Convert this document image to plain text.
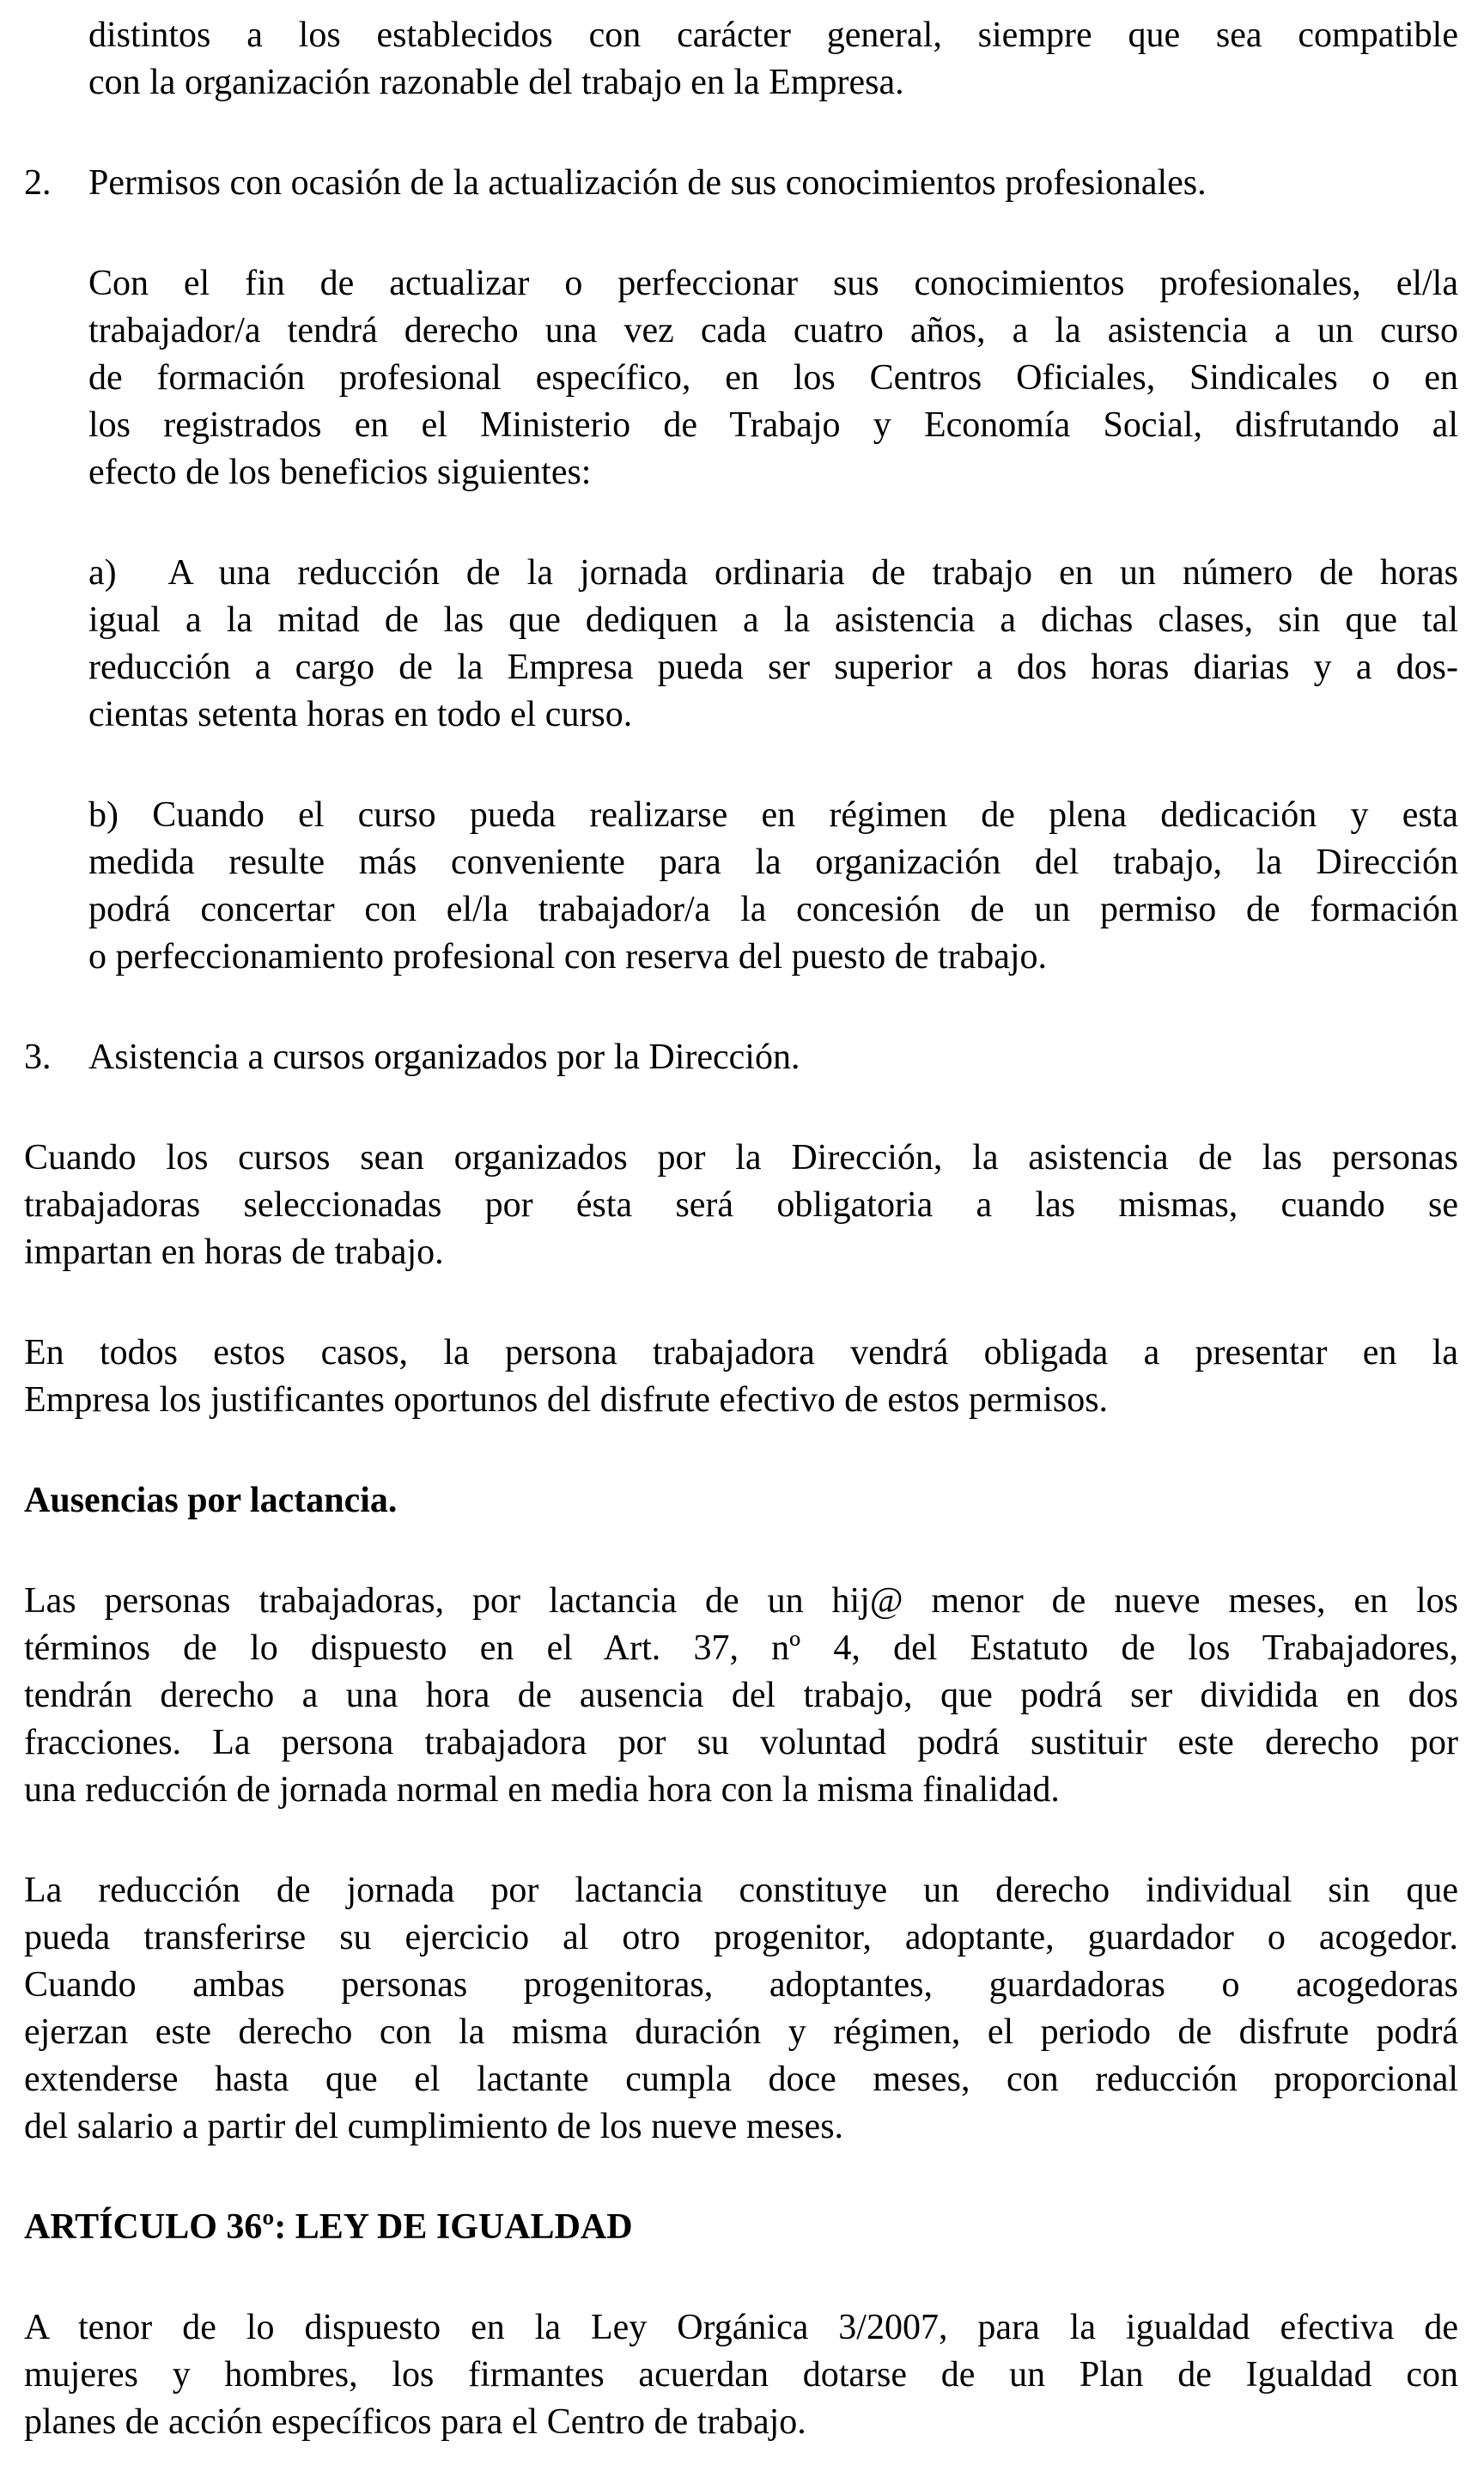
distintos a los establecidos con carácter general, siempre que sea compatible
con la organización razonable del trabajo en la Empresa.
2. Permisos con ocasión de la actualización de sus conocimientos profesionales.
Con el fin de actualizar o perfeccionar sus conocimientos profesionales, el/la
trabajador/a tendrá derecho una vez cada cuatro años, a la asistencia a un curso
de formación profesional específico, en los Centros Oficiales, Sindicales o en
los registrados en el Ministerio de Trabajo y Economía Social, disfrutando al
efecto de los beneficios siguientes:
a)  A una reducción de la jornada ordinaria de trabajo en un número de horas
igual a la mitad de las que dediquen a la asistencia a dichas clases, sin que tal
reducción a cargo de la Empresa pueda ser superior a dos horas diarias y a dos-
cientas setenta horas en todo el curso.
b) Cuando el curso pueda realizarse en régimen de plena dedicación y esta
medida resulte más conveniente para la organización del trabajo, la Dirección
podrá concertar con el/la trabajador/a la concesión de un permiso de formación
o perfeccionamiento profesional con reserva del puesto de trabajo.
3. Asistencia a cursos organizados por la Dirección.
Cuando los cursos sean organizados por la Dirección, la asistencia de las personas
trabajadoras seleccionadas por ésta será obligatoria a las mismas, cuando se
impartan en horas de trabajo.
En todos estos casos, la persona trabajadora vendrá obligada a presentar en la
Empresa los justificantes oportunos del disfrute efectivo de estos permisos.
Ausencias por lactancia.
Las personas trabajadoras, por lactancia de un hij@ menor de nueve meses, en los
términos de lo dispuesto en el Art. 37, nº 4, del Estatuto de los Trabajadores,
tendrán derecho a una hora de ausencia del trabajo, que podrá ser dividida en dos
fracciones. La persona trabajadora por su voluntad podrá sustituir este derecho por
una reducción de jornada normal en media hora con la misma finalidad.
La reducción de jornada por lactancia constituye un derecho individual sin que
pueda transferirse su ejercicio al otro progenitor, adoptante, guardador o acogedor.
Cuando ambas personas progenitoras, adoptantes, guardadoras o acogedoras
ejerzan este derecho con la misma duración y régimen, el periodo de disfrute podrá
extenderse hasta que el lactante cumpla doce meses, con reducción proporcional
del salario a partir del cumplimiento de los nueve meses.
ARTÍCULO 36º: LEY DE IGUALDAD
A tenor de lo dispuesto en la Ley Orgánica 3/2007, para la igualdad efectiva de
mujeres y hombres, los firmantes acuerdan dotarse de un Plan de Igualdad con
planes de acción específicos para el Centro de trabajo.
